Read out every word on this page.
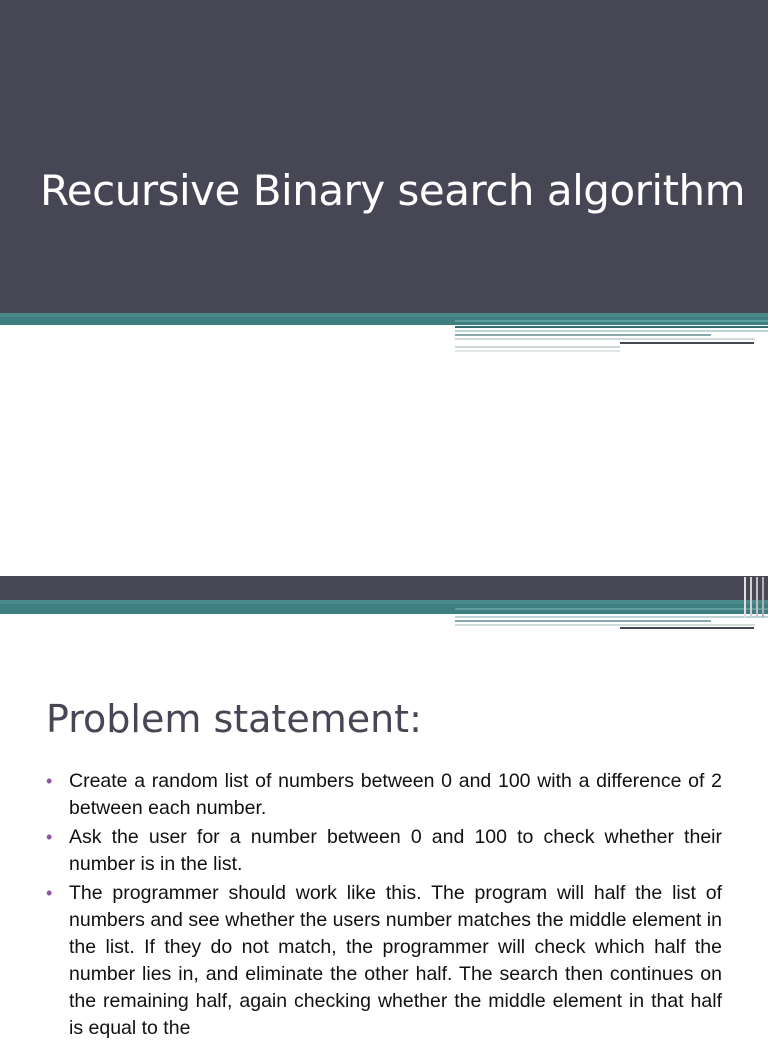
Recursive Binary search algorithm
Problem statement:
• Create a random list of numbers between 0 and 100 with a difference of 2 between each number.
• Ask the user for a number between 0 and 100 to check whether their number is in the list.
• The programmer should work like this. The program will half the list of numbers and see whether the users number matches the middle element in the list. If they do not match, the programmer will check which half the number lies in, and eliminate the other half. The search then continues on the remaining half, again checking whether the middle element in that half is equal to the
